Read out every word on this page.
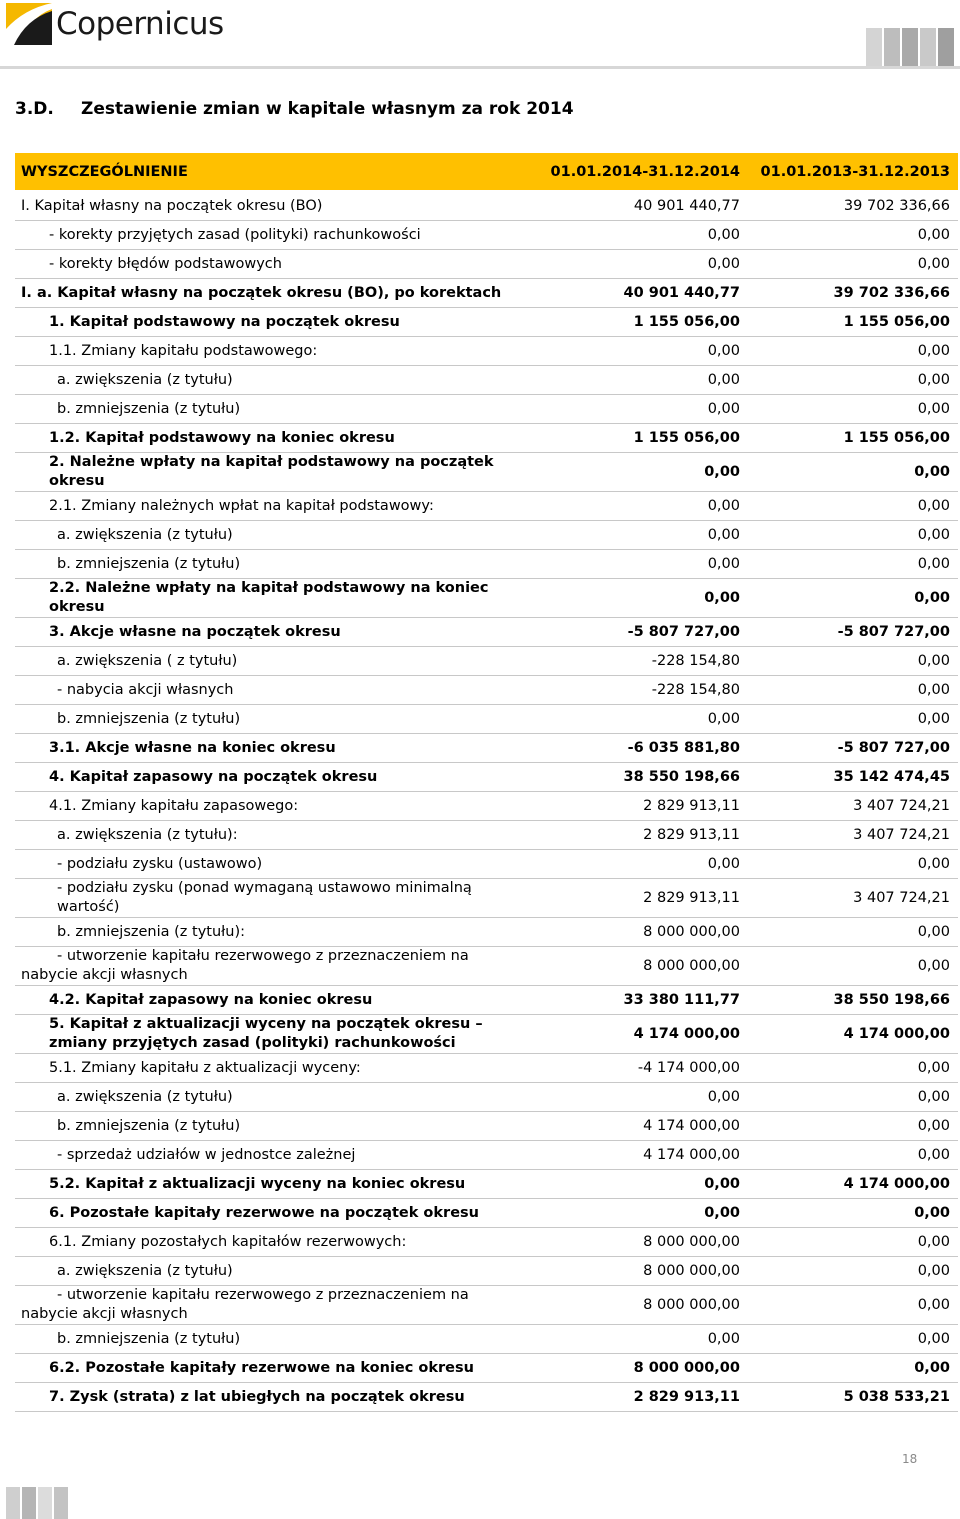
Copernicus
3.D. Zestawienie zmian w kapitale własnym za rok 2014
WYSZCZEGÓLNIENIE	01.01.2014-31.12.2014	01.01.2013-31.12.2013
I. Kapitał własny na początek okresu (BO)	40 901 440,77	39 702 336,66
- korekty przyjętych zasad (polityki) rachunkowości	0,00	0,00
- korekty błędów podstawowych	0,00	0,00
I. a. Kapitał własny na początek okresu (BO), po korektach	40 901 440,77	39 702 336,66
1. Kapitał podstawowy na początek okresu	1 155 056,00	1 155 056,00
1.1. Zmiany kapitału podstawowego:	0,00	0,00
a. zwiększenia (z tytułu)	0,00	0,00
b. zmniejszenia (z tytułu)	0,00	0,00
1.2. Kapitał podstawowy na koniec okresu	1 155 056,00	1 155 056,00
2. Należne wpłaty na kapitał podstawowy na początek okresu	0,00	0,00
2.1. Zmiany należnych wpłat na kapitał podstawowy:	0,00	0,00
a. zwiększenia (z tytułu)	0,00	0,00
b. zmniejszenia (z tytułu)	0,00	0,00
2.2. Należne wpłaty na kapitał podstawowy na koniec okresu	0,00	0,00
3. Akcje własne na początek okresu	-5 807 727,00	-5 807 727,00
a. zwiększenia ( z tytułu)	-228 154,80	0,00
- nabycia akcji własnych	-228 154,80	0,00
b. zmniejszenia (z tytułu)	0,00	0,00
3.1. Akcje własne na koniec okresu	-6 035 881,80	-5 807 727,00
4. Kapitał zapasowy na początek okresu	38 550 198,66	35 142 474,45
4.1. Zmiany kapitału zapasowego:	2 829 913,11	3 407 724,21
a. zwiększenia (z tytułu):	2 829 913,11	3 407 724,21
- podziału zysku (ustawowo)	0,00	0,00
- podziału zysku (ponad wymaganą ustawowo minimalną wartość)	2 829 913,11	3 407 724,21
b. zmniejszenia (z tytułu):	8 000 000,00	0,00
- utworzenie kapitału rezerwowego z przeznaczeniem na nabycie akcji własnych	8 000 000,00	0,00
4.2. Kapitał zapasowy na koniec okresu	33 380 111,77	38 550 198,66
5. Kapitał z aktualizacji wyceny na początek okresu – zmiany przyjętych zasad (polityki) rachunkowości	4 174 000,00	4 174 000,00
5.1. Zmiany kapitału z aktualizacji wyceny:	-4 174 000,00	0,00
a. zwiększenia (z tytułu)	0,00	0,00
b. zmniejszenia (z tytułu)	4 174 000,00	0,00
- sprzedaż udziałów w jednostce zależnej	4 174 000,00	0,00
5.2. Kapitał z aktualizacji wyceny na koniec okresu	0,00	4 174 000,00
6. Pozostałe kapitały rezerwowe na początek okresu	0,00	0,00
6.1. Zmiany pozostałych kapitałów rezerwowych:	8 000 000,00	0,00
a. zwiększenia (z tytułu)	8 000 000,00	0,00
- utworzenie kapitału rezerwowego z przeznaczeniem na nabycie akcji własnych	8 000 000,00	0,00
b. zmniejszenia (z tytułu)	0,00	0,00
6.2. Pozostałe kapitały rezerwowe na koniec okresu	8 000 000,00	0,00
7. Zysk (strata) z lat ubiegłych na początek okresu	2 829 913,11	5 038 533,21
18
